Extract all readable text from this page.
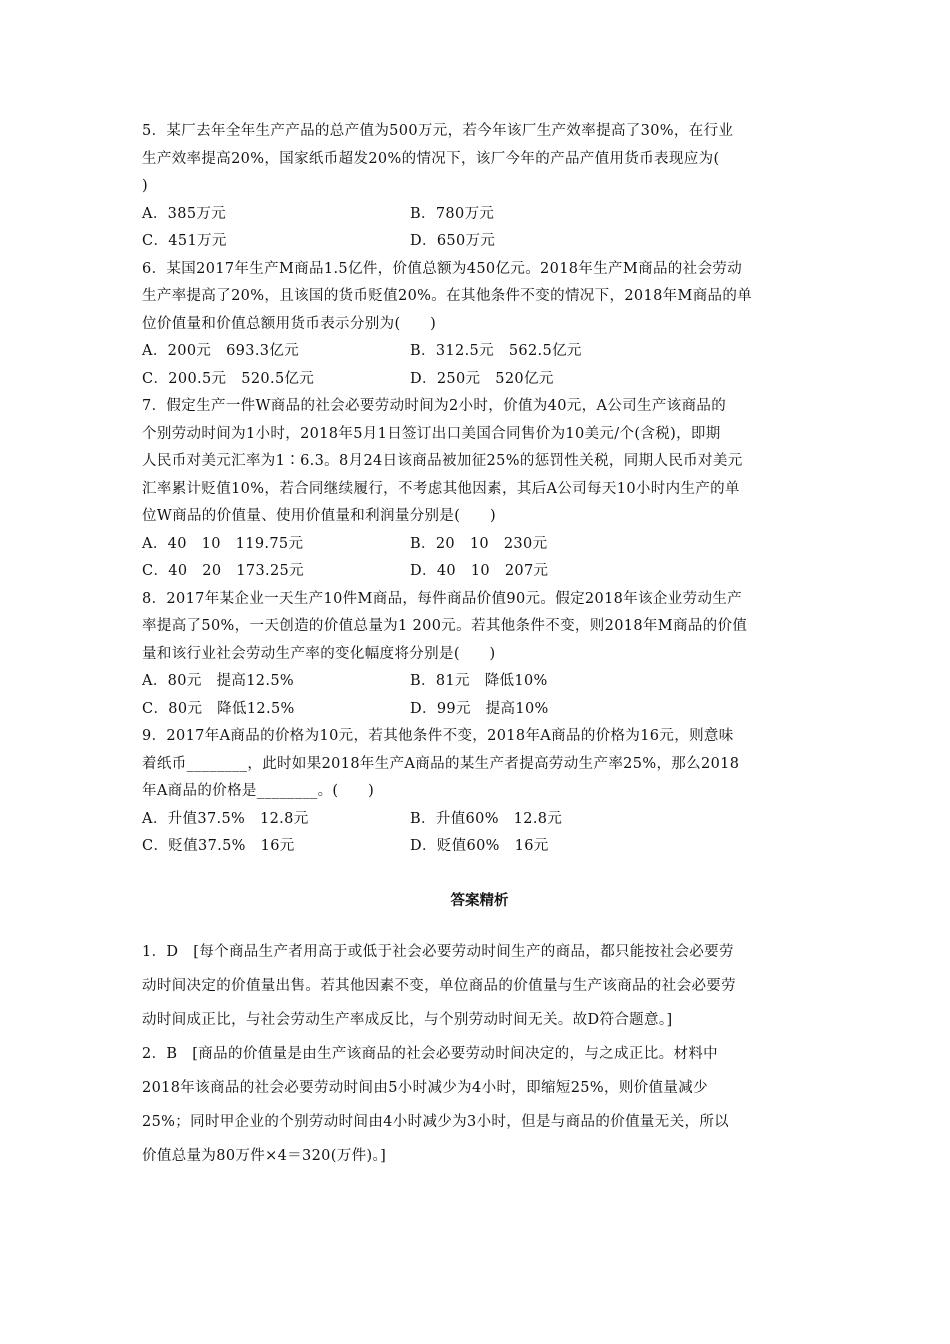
5．某厂去年全年生产产品的总产值为500万元，若今年该厂生产效率提高了30%，在行业
生产效率提高20%，国家纸币超发20%的情况下，该厂今年的产品产值用货币表现应为(
)
A．385万元	B．780万元
C．451万元	D．650万元
6．某国2017年生产M商品1.5亿件，价值总额为450亿元。2018年生产M商品的社会劳动
生产率提高了20%，且该国的货币贬值20%。在其他条件不变的情况下，2018年M商品的单
位价值量和价值总额用货币表示分别为(　　)
A．200元　693.3亿元	B．312.5元　562.5亿元
C．200.5元　520.5亿元	D．250元　520亿元
7．假定生产一件W商品的社会必要劳动时间为2小时，价值为40元，A公司生产该商品的
个别劳动时间为1小时，2018年5月1日签订出口美国合同售价为10美元/个(含税)，即期
人民币对美元汇率为1∶6.3。8月24日该商品被加征25%的惩罚性关税，同期人民币对美元
汇率累计贬值10%，若合同继续履行，不考虑其他因素，其后A公司每天10小时内生产的单
位W商品的价值量、使用价值量和利润量分别是(　　)
A．40　10　119.75元	B．20　10　230元
C．40　20　173.25元	D．40　10　207元
8．2017年某企业一天生产10件M商品，每件商品价值90元。假定2018年该企业劳动生产
率提高了50%，一天创造的价值总量为1 200元。若其他条件不变，则2018年M商品的价值
量和该行业社会劳动生产率的变化幅度将分别是(　　)
A．80元　提高12.5%	B．81元　降低10%
C．80元　降低12.5%	D．99元　提高10%
9．2017年A商品的价格为10元，若其他条件不变，2018年A商品的价格为16元，则意味
着纸币________，此时如果2018年生产A商品的某生产者提高劳动生产率25%，那么2018
年A商品的价格是________。(　　)
A．升值37.5%　12.8元	B．升值60%　12.8元
C．贬值37.5%　16元	D．贬值60%　16元
答案精析
1．D　[每个商品生产者用高于或低于社会必要劳动时间生产的商品，都只能按社会必要劳
动时间决定的价值量出售。若其他因素不变，单位商品的价值量与生产该商品的社会必要劳
动时间成正比，与社会劳动生产率成反比，与个别劳动时间无关。故D符合题意。]
2．B　[商品的价值量是由生产该商品的社会必要劳动时间决定的，与之成正比。材料中
2018年该商品的社会必要劳动时间由5小时减少为4小时，即缩短25%，则价值量减少
25%；同时甲企业的个别劳动时间由4小时减少为3小时，但是与商品的价值量无关，所以
价值总量为80万件×4＝320(万件)。]
